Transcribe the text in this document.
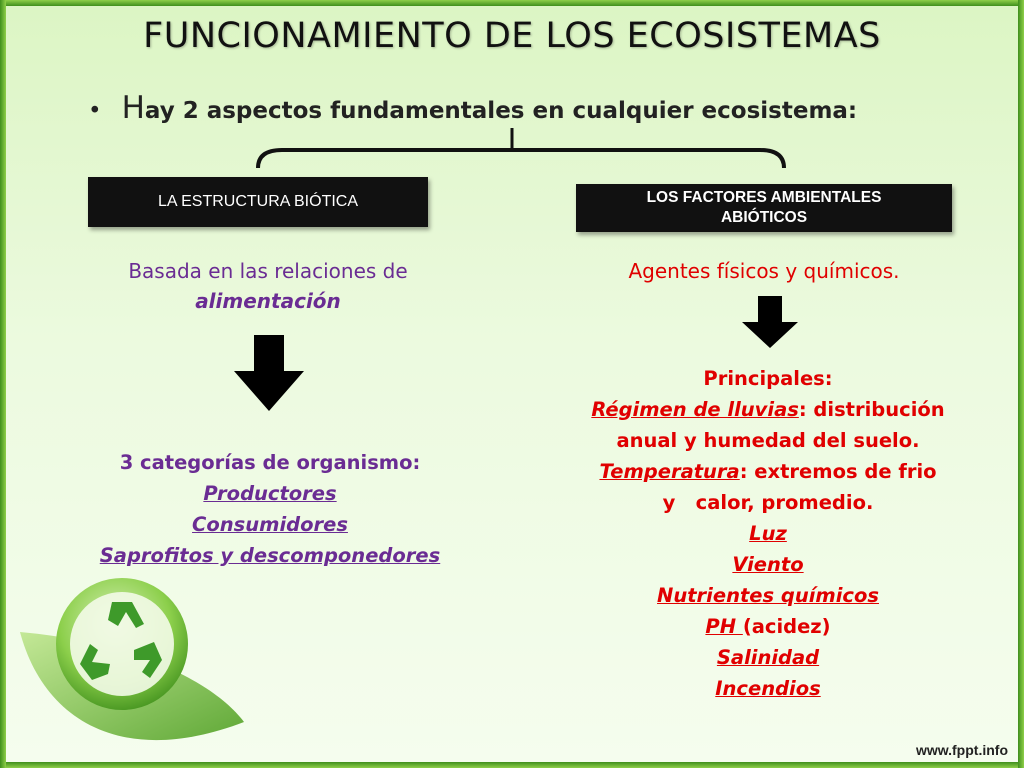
FUNCIONAMIENTO DE LOS ECOSISTEMAS
• Hay 2 aspectos fundamentales en cualquier ecosistema:
LA ESTRUCTURA BIÓTICA	LOS FACTORES AMBIENTALES
ABIÓTICOS
Basada en las relaciones de
alimentación
Agentes físicos y químicos.
3 categorías de organismo:
Productores
Consumidores
Saprofitos y descomponedores
Principales:
Régimen de lluvias: distribución
anual y humedad del suelo.
Temperatura: extremos de frio
y   calor, promedio.
Luz
Viento
Nutrientes químicos
PH (acidez)
Salinidad
Incendios
www.fppt.info
